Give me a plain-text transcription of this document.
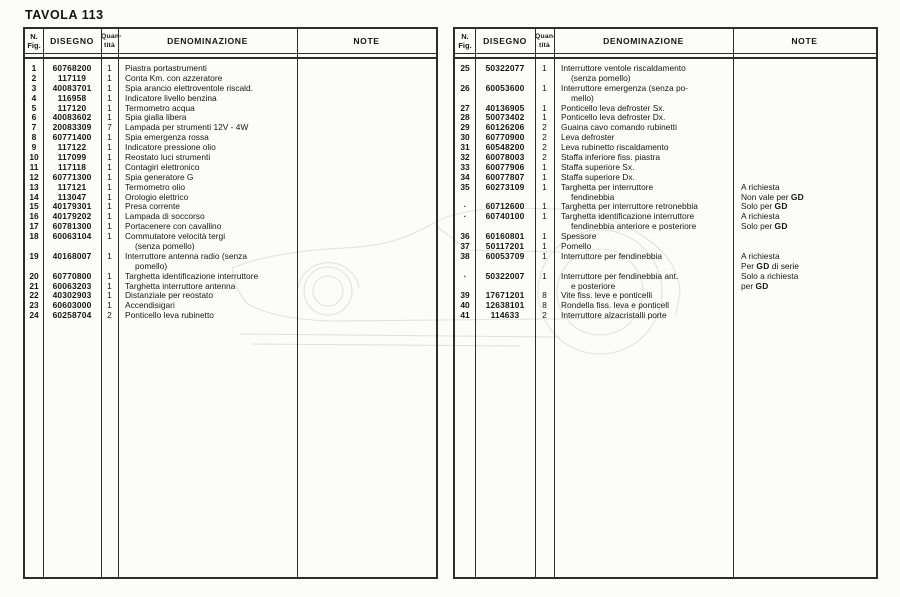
TAVOLA 113
N.
Fig.	DISEGNO	Quan-
tità	DENOMINAZIONE	NOTE
1	60768200	1	Piastra portastrumenti
2	117119	1	Conta Km. con azzeratore
3	40083701	1	Spia arancio elettroventole riscald.
4	116958	1	Indicatore livello benzina
5	117120	1	Termometro acqua
6	40083602	1	Spia gialla libera
7	20083309	7	Lampada per strumenti 12V - 4W
8	60771400	1	Spia emergenza rossa
9	117122	1	Indicatore pressione olio
10	117099	1	Reostato luci strumenti
11	117118	1	Contagiri elettronico
12	60771300	1	Spia generatore G
13	117121	1	Termometro olio
14	113047	1	Orologio elettrico
15	40179301	1	Presa corrente
16	40179202	1	Lampada di soccorso
17	60781300	1	Portacenere con cavallino
18	60063104	1	Commutatore velocità tergi
(senza pomello)
19	40168007	1	Interruttore antenna radio (senza
pomello)
20	60770800	1	Targhetta identificazione interruttore
21	60063203	1	Targhetta interruttore antenna
22	40302903	1	Distanziale per reostato
23	60603000	1	Accendisigari
24	60258704	2	Ponticello leva rubinetto
N.
Fig.	DISEGNO	Quan-
tità	DENOMINAZIONE	NOTE
25	50322077	1	Interruttore ventole riscaldamento
(senza pomello)
26	60053600	1	Interruttore emergenza (senza po-
mello)
27	40136905	1	Ponticello leva defroster Sx.
28	50073402	1	Ponticello leva defroster Dx.
29	60126206	2	Guaina cavo comando rubinetti
30	60770900	2	Leva defroster
31	60548200	2	Leva rubinetto riscaldamento
32	60078003	2	Staffa inferiore fiss. piastra
33	60077906	1	Staffa superiore Sx.
34	60077807	1	Staffa superiore Dx.
35	60273109	1	Targhetta per interruttore	A richiesta
fendinebbia	Non vale per GD
·	60712600	1	Targhetta per interruttore retronebbia	Solo per GD
·	60740100	1	Targhetta identificazione interruttore	A richiesta
fendinebbia anteriore e posteriore	Solo per GD
36	60160801	1	Spessore
37	50117201	1	Pomello
38	60053709	1	Interruttore per fendinebbia	A richiesta
Per GD di serie
·	50322007	1	Interruttore per fendinebbia ant.	Solo a richiesta
e posteriore	per GD
39	17671201	8	Vite fiss. leve e ponticelli
40	12638101	8	Rondella fiss. leva e ponticell
41	114633	2	Interruttore alzacristalli porte
